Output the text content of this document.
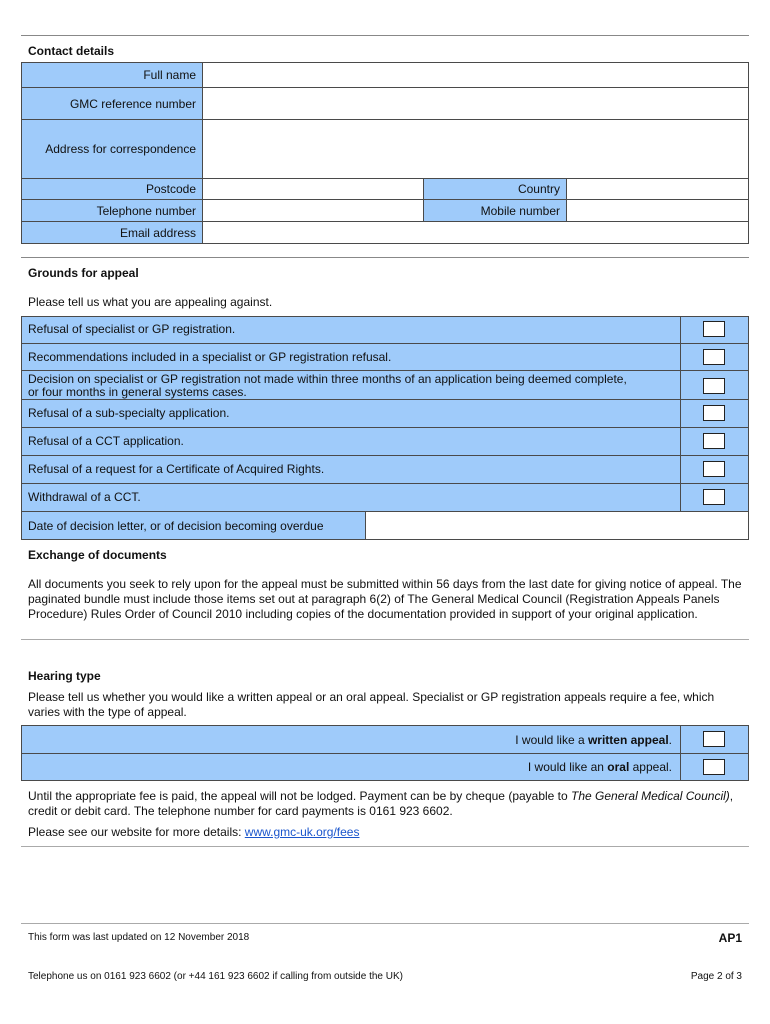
Contact details
Full name
GMC reference number
Address for correspondence
Postcode	Country
Telephone number	Mobile number
Email address
Grounds for appeal
Please tell us what you are appealing against.
Refusal of specialist or GP registration.
Recommendations included in a specialist or GP registration refusal.
Decision on specialist or GP registration not made within three months of an application being deemed complete, or four months in general systems cases.
Refusal of a sub-specialty application.
Refusal of a CCT application.
Refusal of a request for a Certificate of Acquired Rights.
Withdrawal of a CCT.
Date of decision letter, or of decision becoming overdue
Exchange of documents
All documents you seek to rely upon for the appeal must be submitted within 56 days from the last date for giving notice of appeal. The paginated bundle must include those items set out at paragraph 6(2) of The General Medical Council (Registration Appeals Panels Procedure) Rules Order of Council 2010 including copies of the documentation provided in support of your original application.
Hearing type
Please tell us whether you would like a written appeal or an oral appeal. Specialist or GP registration appeals require a fee, which varies with the type of appeal.
I would like a written appeal.
I would like an oral appeal.
Until the appropriate fee is paid, the appeal will not be lodged. Payment can be by cheque (payable to The General Medical Council), credit or debit card. The telephone number for card payments is 0161 923 6602.
Please see our website for more details: www.gmc-uk.org/fees
This form was last updated on 12 November 2018	AP1
Telephone us on 0161 923 6602 (or +44 161 923 6602 if calling from outside the UK)	Page 2 of 3
